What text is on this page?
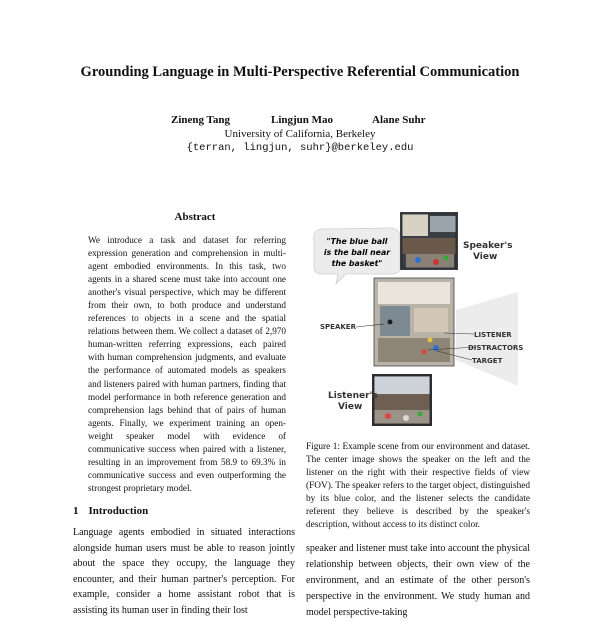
Grounding Language in Multi-Perspective Referential Communication
Zineng Tang	Lingjun Mao	Alane Suhr
University of California, Berkeley
{terran, lingjun, suhr}@berkeley.edu
Abstract
We introduce a task and dataset for referring expression generation and comprehension in multi-agent embodied environments. In this task, two agents in a shared scene must take into account one another's visual perspective, which may be different from their own, to both produce and understand references to objects in a scene and the spatial relations between them. We collect a dataset of 2,970 human-written referring expressions, each paired with human comprehension judgments, and evaluate the performance of automated models as speakers and listeners paired with human partners, finding that model performance in both reference generation and comprehension lags behind that of pairs of human agents. Finally, we experiment training an open-weight speaker model with evidence of communicative success when paired with a listener, resulting in an improvement from 58.9 to 69.3% in communicative success and even outperforming the strongest proprietary model.
1 Introduction
Language agents embodied in situated interactions alongside human users must be able to reason jointly about the space they occupy, the language they encounter, and their human partner's perception. For example, consider a home assistant robot that is assisting its human user in finding their lost
"The blue ball
is the ball near
the basket"
Speaker's
View
SPEAKER
LISTENER
DISTRACTORS
TARGET
Listener's
View
Figure 1: Example scene from our environment and dataset. The center image shows the speaker on the left and the listener on the right with their respective fields of view (FOV). The speaker refers to the target object, distinguished by its blue color, and the listener selects the candidate referent they believe is described by the speaker's description, without access to its distinct color.
speaker and listener must take into account the physical relationship between objects, their own view of the environment, and an estimate of the other person's perspective in the environment. We study human and model perspective-taking
